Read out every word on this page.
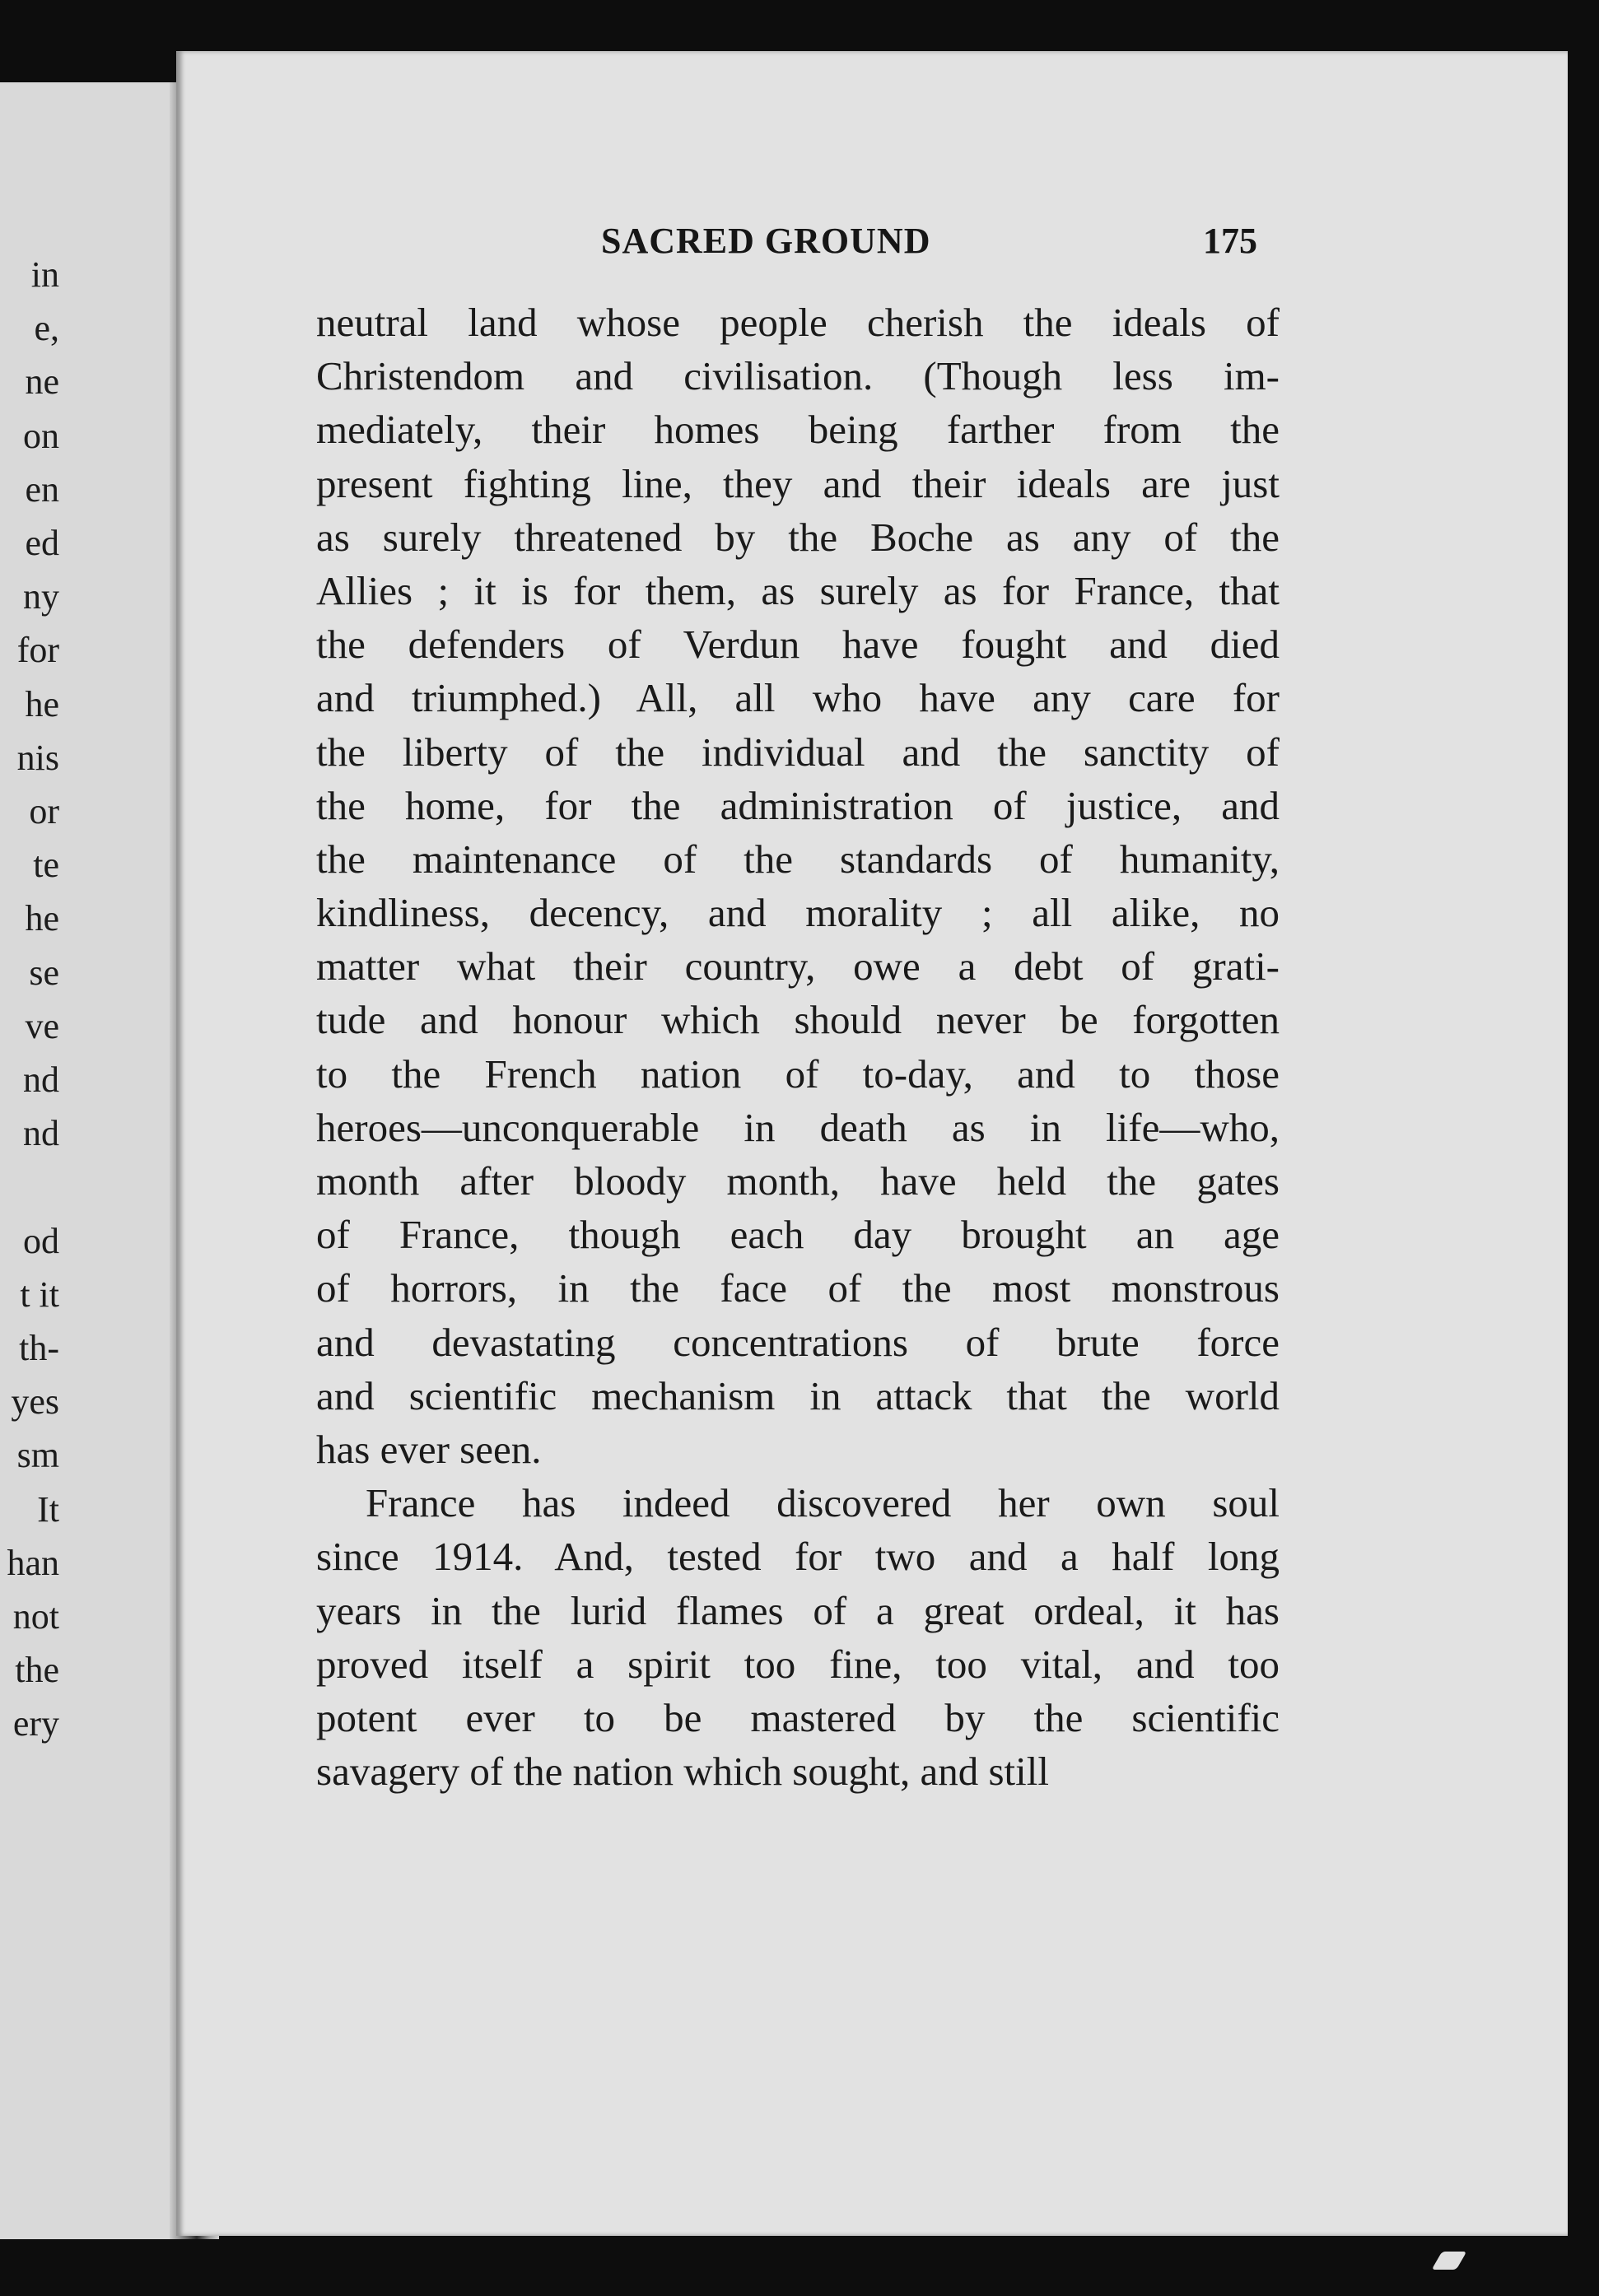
in
e,
ne
on
en
ed
ny
for
he
nis
or
te
he
se
ve
nd
nd
od
t it
th-
yes
sm
It
han
not
the
ery
SACRED GROUND	175
neutral land whose people cherish the ideals of
Christendom and civilisation. (Though less im-
mediately, their homes being farther from the
present fighting line, they and their ideals are just
as surely threatened by the Boche as any of the
Allies ; it is for them, as surely as for France, that
the defenders of Verdun have fought and died
and triumphed.) All, all who have any care for
the liberty of the individual and the sanctity of
the home, for the administration of justice, and
the maintenance of the standards of humanity,
kindliness, decency, and morality ; all alike, no
matter what their country, owe a debt of grati-
tude and honour which should never be forgotten
to the French nation of to-day, and to those
heroes—unconquerable in death as in life—who,
month after bloody month, have held the gates
of France, though each day brought an age
of horrors, in the face of the most monstrous
and devastating concentrations of brute force
and scientific mechanism in attack that the world
has ever seen.
France has indeed discovered her own soul
since 1914. And, tested for two and a half long
years in the lurid flames of a great ordeal, it has
proved itself a spirit too fine, too vital, and too
potent ever to be mastered by the scientific
savagery of the nation which sought, and still
